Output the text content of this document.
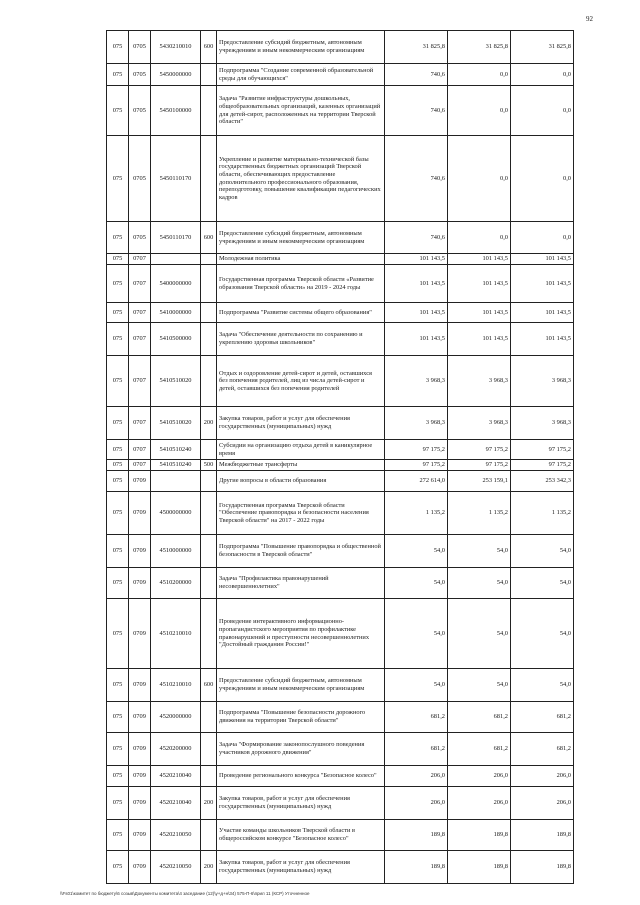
92
075	0705	5430210010	600	Предоставление субсидий бюджетным, автономным учреждениям и иным некоммерческим организациям	31 825,8	31 825,8	31 825,8
075	0705	5450000000		Подпрограмма "Создание современной образовательной среды для обучающихся"	740,6	0,0	0,0
075	0705	5450100000		Задача "Развитие инфраструктуры дошкольных, общеобразовательных организаций, казенных организаций для детей-сирот, расположенных на территории Тверской области"	740,6	0,0	0,0
075	0705	5450110170		Укрепление и развитие материально-технической базы государственных бюджетных организаций Тверской области, обеспечивающих предоставление дополнительного профессионального образования, переподготовку, повышение квалификации педагогических кадров	740,6	0,0	0,0
075	0705	5450110170	600	Предоставление субсидий бюджетным, автономным учреждениям и иным некоммерческим организациям	740,6	0,0	0,0
075	0707			Молодежная политика	101 143,5	101 143,5	101 143,5
075	0707	5400000000		Государственная программа Тверской области «Развитие образования Тверской области» на 2019 - 2024 годы	101 143,5	101 143,5	101 143,5
075	0707	5410000000		Подпрограмма "Развитие системы общего образования"	101 143,5	101 143,5	101 143,5
075	0707	5410500000		Задача "Обеспечение деятельности по сохранению и укреплению здоровья школьников"	101 143,5	101 143,5	101 143,5
075	0707	5410510020		Отдых и оздоровление детей-сирот и детей, оставшихся без попечения родителей, лиц из числа детей-сирот и детей, оставшихся без попечения родителей	3 968,3	3 968,3	3 968,3
075	0707	5410510020	200	Закупка товаров, работ и услуг для обеспечения государственных (муниципальных) нужд	3 968,3	3 968,3	3 968,3
075	0707	5410510240		Субсидии на организацию отдыха детей в каникулярное время	97 175,2	97 175,2	97 175,2
075	0707	5410510240	500	Межбюджетные трансферты	97 175,2	97 175,2	97 175,2
075	0709			Другие вопросы в области образования	272 614,0	253 159,1	253 342,3
075	0709	4500000000		Государственная программа Тверской области "Обеспечение правопорядка и безопасности населения Тверской области" на 2017 - 2022 годы	1 135,2	1 135,2	1 135,2
075	0709	4510000000		Подпрограмма "Повышение правопорядка и общественной безопасности в Тверской области"	54,0	54,0	54,0
075	0709	4510200000		Задача "Профилактика правонарушений несовершеннолетних"	54,0	54,0	54,0
075	0709	4510210010		Проведение интерактивного информационно-пропагандистского мероприятия по профилактике правонарушений и преступности несовершеннолетних "Достойный гражданин России!"	54,0	54,0	54,0
075	0709	4510210010	600	Предоставление субсидий бюджетным, автономным учреждениям и иным некоммерческим организациям	54,0	54,0	54,0
075	0709	4520000000		Подпрограмма "Повышение безопасности дорожного движения на территории Тверской области"	681,2	681,2	681,2
075	0709	4520200000		Задача "Формирование законопослушного поведения участников дорожного движения"	681,2	681,2	681,2
075	0709	4520210040		Проведение регионального конкурса "Безопасное колесо"	206,0	206,0	206,0
075	0709	4520210040	200	Закупка товаров, работ и услуг для обеспечения государственных (муниципальных) нужд	206,0	206,0	206,0
075	0709	4520210050		Участие команды школьников Тверской области в общероссийском конкурсе "Безопасное колесо"	189,8	189,8	189,8
075	0709	4520210050	200	Закупка товаров, работ и услуг для обеспечения государственных (муниципальных) нужд	189,8	189,8	189,8
\\Fs01\комитет по бюджету\6 созыв\Документы комитета\4 заседание (12)\у+д+н\34) 575-П-6\прил 11 (КСР) Уточненное
